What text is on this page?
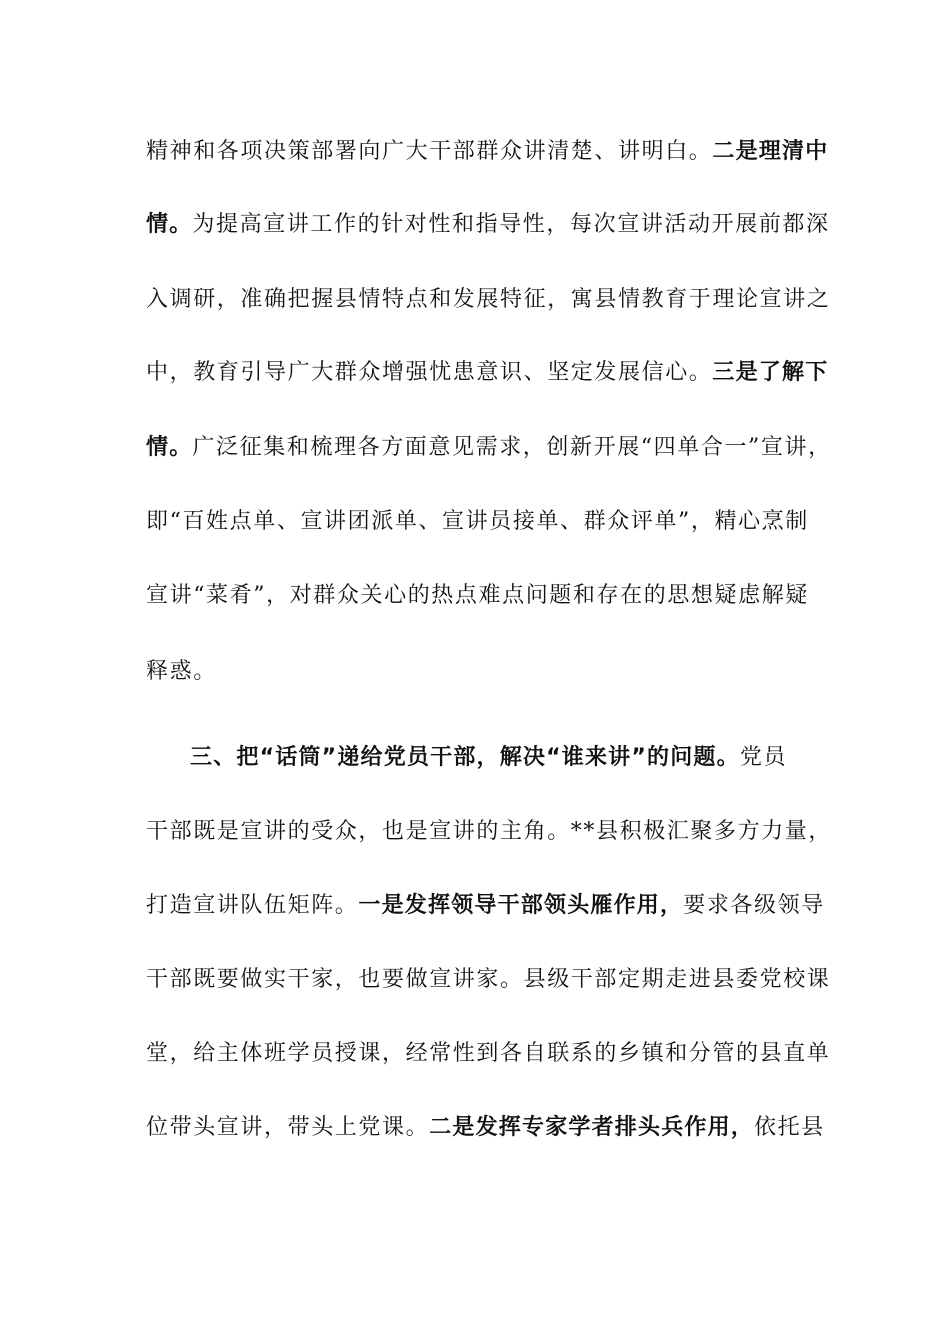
精神和各项决策部署向广大干部群众讲清楚、讲明白。二是理清中
情。为提高宣讲工作的针对性和指导性，每次宣讲活动开展前都深
入调研，准确把握县情特点和发展特征，寓县情教育于理论宣讲之
中，教育引导广大群众增强忧患意识、坚定发展信心。三是了解下
情。广泛征集和梳理各方面意见需求，创新开展“四单合一”宣讲，
即“百姓点单、宣讲团派单、宣讲员接单、群众评单”，精心烹制
宣讲“菜肴”，对群众关心的热点难点问题和存在的思想疑虑解疑
释惑。
三、把“话筒”递给党员干部，解决“谁来讲”的问题。党员
干部既是宣讲的受众，也是宣讲的主角。**县积极汇聚多方力量，
打造宣讲队伍矩阵。一是发挥领导干部领头雁作用，要求各级领导
干部既要做实干家，也要做宣讲家。县级干部定期走进县委党校课
堂，给主体班学员授课，经常性到各自联系的乡镇和分管的县直单
位带头宣讲，带头上党课。二是发挥专家学者排头兵作用，依托县
